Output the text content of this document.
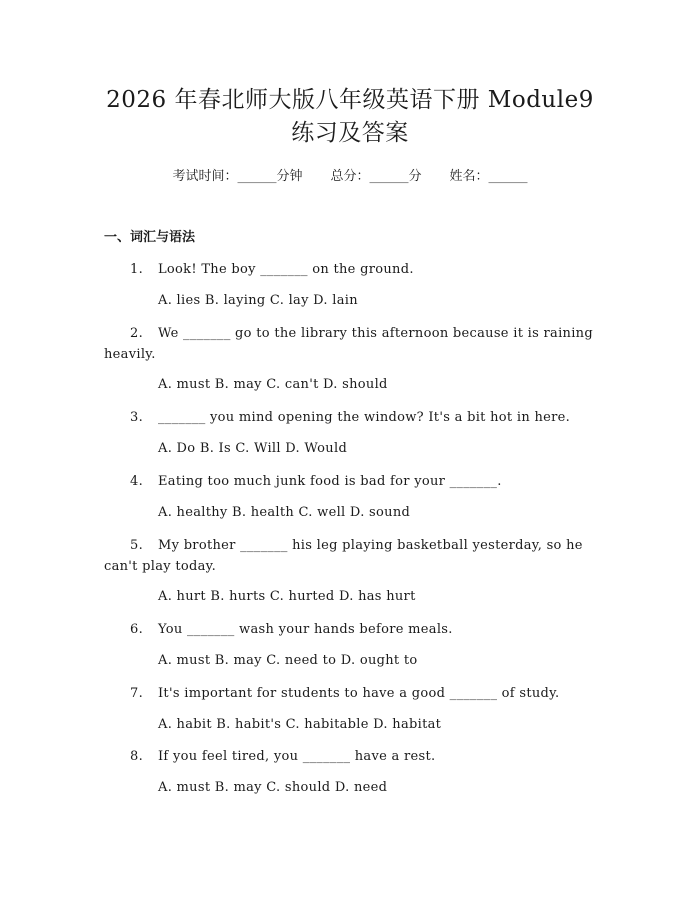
2026 年春北师大版八年级英语下册 Module9
练习及答案
考试时间：______分钟 总分：______分 姓名：______
一、词汇与语法
1. Look! The boy _______ on the ground.
A. lies B. laying C. lay D. lain
2. We _______ go to the library this afternoon because it is raining heavily.
A. must B. may C. can't D. should
3. _______ you mind opening the window? It's a bit hot in here.
A. Do B. Is C. Will D. Would
4. Eating too much junk food is bad for your _______.
A. healthy B. health C. well D. sound
5. My brother _______ his leg playing basketball yesterday, so he can't play today.
A. hurt B. hurts C. hurted D. has hurt
6. You _______ wash your hands before meals.
A. must B. may C. need to D. ought to
7. It's important for students to have a good _______ of study.
A. habit B. habit's C. habitable D. habitat
8. If you feel tired, you _______ have a rest.
A. must B. may C. should D. need
